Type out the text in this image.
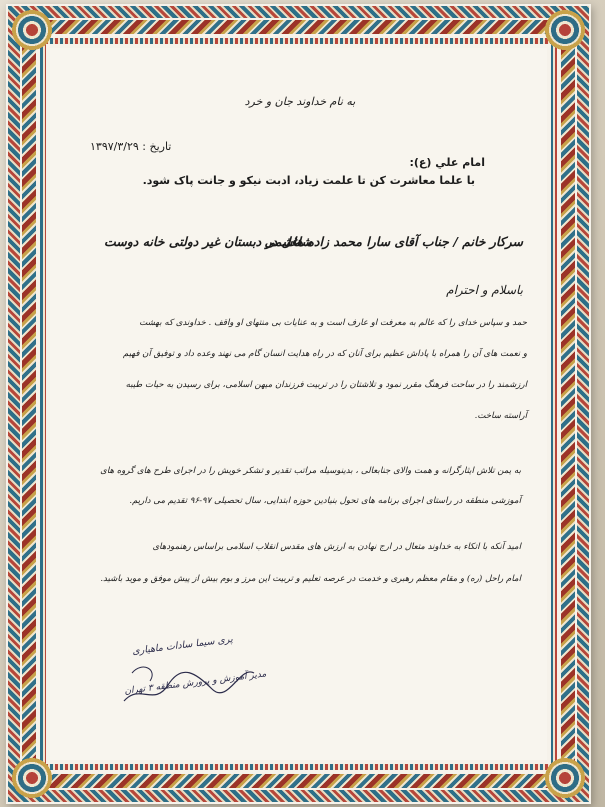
به نام خداوند جان و خرد
تاریخ : ۱۳۹۷/۳/۲۹
امام علي (ع):
با علما معاشرت کن تا علمت زیاد، ادبت نیکو و جانت پاک شود.
سرکار خانم / جناب آقای سارا محمد زاده هاشمی
شاغل در دبستان غیر دولتی خانه دوست
باسلام و احترام
حمد و سپاس خدای را که عالم به معرفت او عارف است و به عنایات بی منتهای او واقف . خداوندی که بهشت
و نعمت های آن را همراه با پاداش عظیم برای آنان که در راه هدایت انسان گام می نهند وعده داد و توفیق آن فهیم
ارزشمند را در ساحت فرهنگ مقرر نمود و تلاشتان را در تربیت فرزندان میهن اسلامی، برای رسیدن به حیات طیبه
آراسته ساخت.
به یمن تلاش ایثارگرانه و همت والای جنابعالی ، بدینوسیله مراتب تقدیر و تشکر خویش را در اجرای طرح های گروه های
آموزشی منطقه در راستای اجرای برنامه های تحول بنیادین حوزه ابتدایی، سال تحصیلی ۹۷-۹۶ تقدیم می داریم.
امید آنکه با اتکاء به خداوند متعال در ارج نهادن به ارزش های مقدس انقلاب اسلامی براساس رهنمودهای
امام راحل (ره) و مقام معظم رهبری و خدمت در عرصه تعلیم و تربیت این مرز و بوم بیش از پیش موفق و موید باشید.
پری سیما سادات ماهیاری
مدیر آموزش و پرورش منطقه ۳ تهران
